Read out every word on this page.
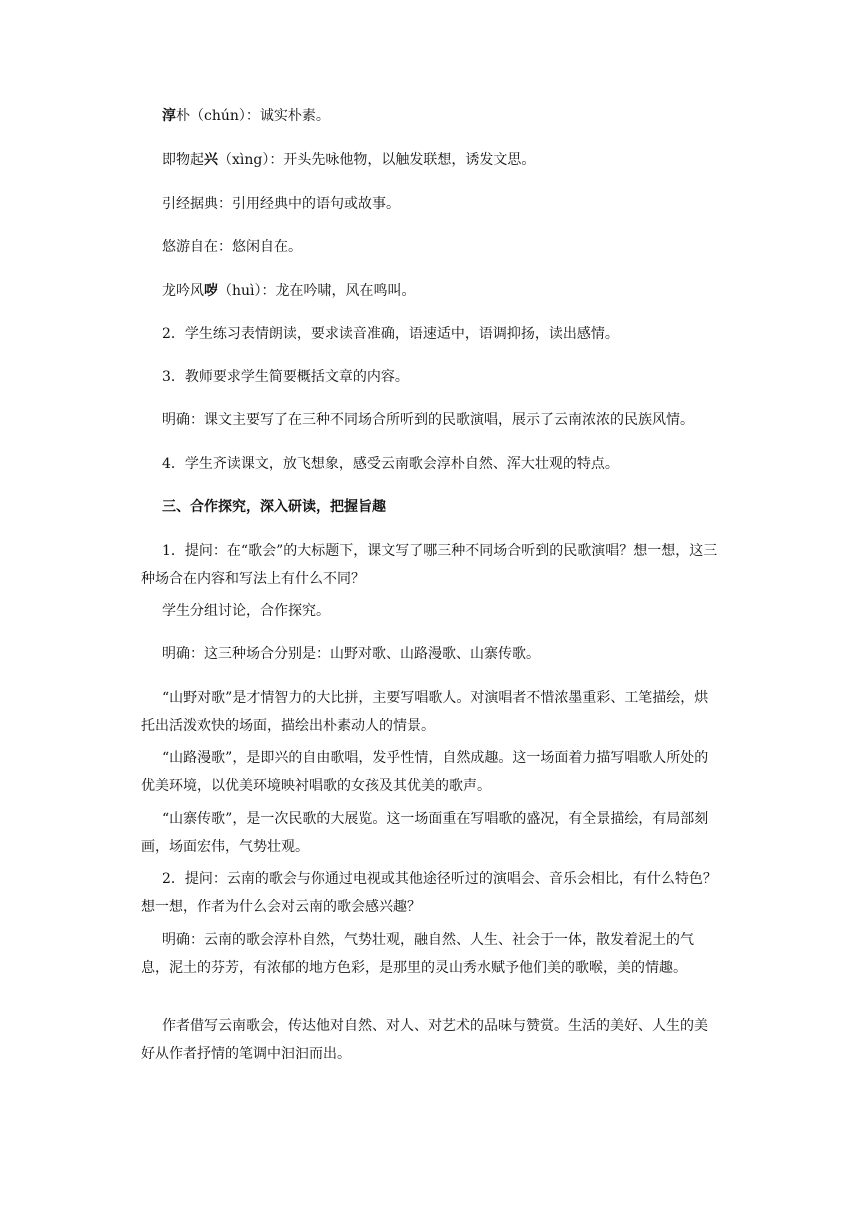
淳朴（chún）：诚实朴素。

即物起兴（xìng）：开头先咏他物，以触发联想，诱发文思。

引经据典：引用经典中的语句或故事。

悠游自在：悠闲自在。

龙吟风哕（huì）：龙在吟啸，风在鸣叫。

2．学生练习表情朗读，要求读音准确，语速适中，语调抑扬，读出感情。

3．教师要求学生简要概括文章的内容。

明确：课文主要写了在三种不同场合所听到的民歌演唱，展示了云南浓浓的民族风情。

4．学生齐读课文，放飞想象，感受云南歌会淳朴自然、浑大壮观的特点。

三、合作探究，深入研读，把握旨趣

1．提问：在“歌会”的大标题下，课文写了哪三种不同场合听到的民歌演唱？想一想，这三种场合在内容和写法上有什么不同？

学生分组讨论，合作探究。

明确：这三种场合分别是：山野对歌、山路漫歌、山寨传歌。

“山野对歌”是才情智力的大比拼，主要写唱歌人。对演唱者不惜浓墨重彩、工笔描绘，烘托出活泼欢快的场面，描绘出朴素动人的情景。

“山路漫歌”，是即兴的自由歌唱，发乎性情，自然成趣。这一场面着力描写唱歌人所处的优美环境，以优美环境映衬唱歌的女孩及其优美的歌声。

“山寨传歌”，是一次民歌的大展览。这一场面重在写唱歌的盛况，有全景描绘，有局部刻画，场面宏伟，气势壮观。

2．提问：云南的歌会与你通过电视或其他途径听过的演唱会、音乐会相比，有什么特色？想一想，作者为什么会对云南的歌会感兴趣？

明确：云南的歌会淳朴自然，气势壮观，融自然、人生、社会于一体，散发着泥土的气息，泥土的芬芳，有浓郁的地方色彩，是那里的灵山秀水赋予他们美的歌喉，美的情趣。

作者借写云南歌会，传达他对自然、对人、对艺术的品味与赞赏。生活的美好、人生的美好从作者抒情的笔调中汩汩而出。
